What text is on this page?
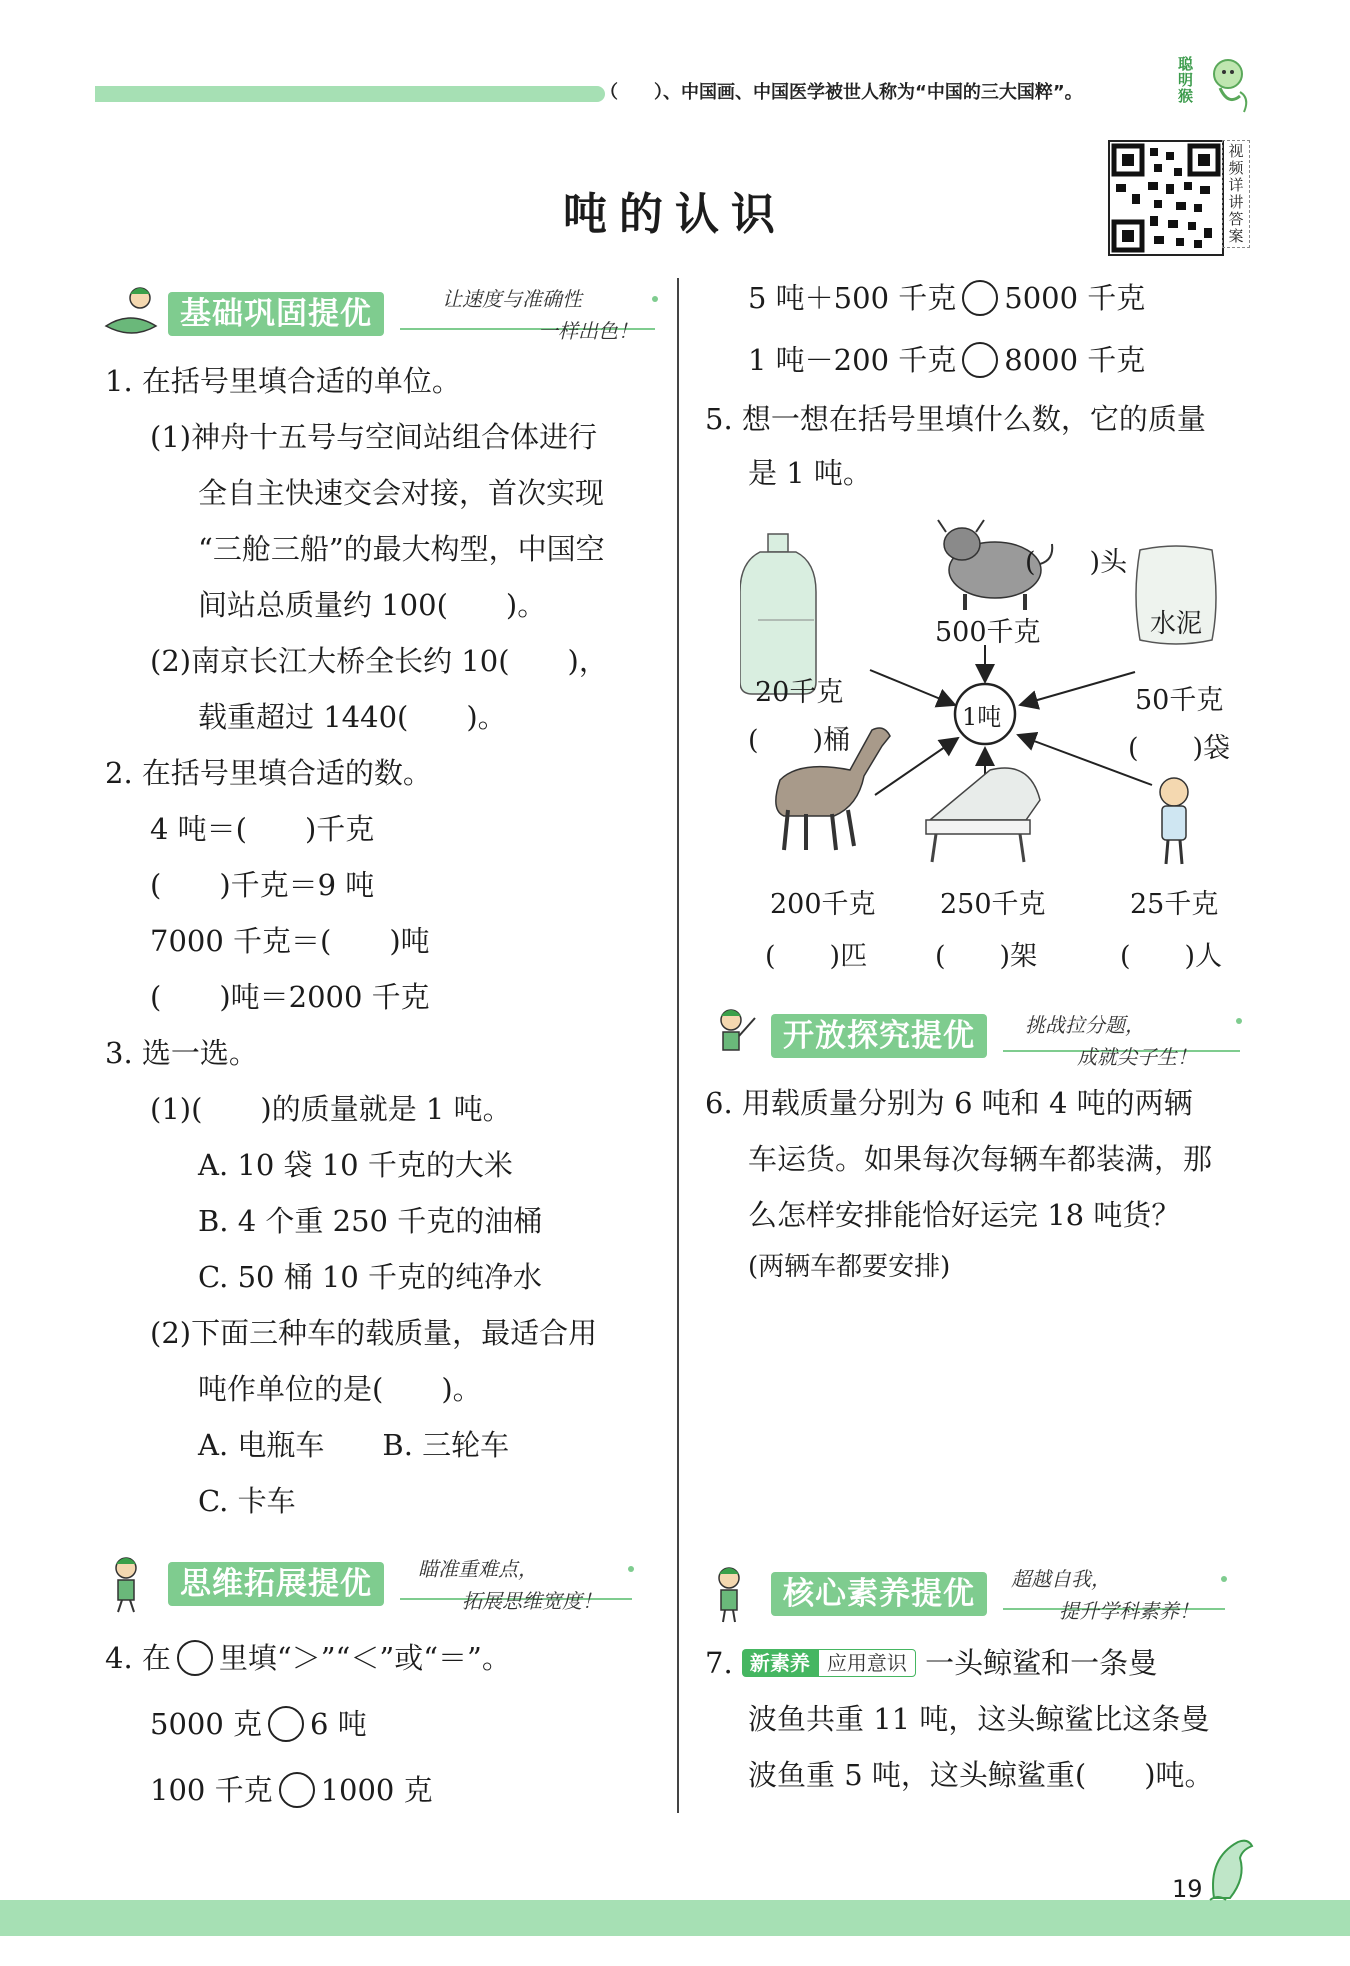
（　　）、中国画、中国医学被世人称为“中国的三大国粹”。
聪明猴
视频详讲答案
吨的认识
基础巩固提优	让速度与准确性
一样出色！
1. 在括号里填合适的单位。
(1)神舟十五号与空间站组合体进行
全自主快速交会对接，首次实现
“三舱三船”的最大构型，中国空
间站总质量约 100(　　)。
(2)南京长江大桥全长约 10(　　)，
载重超过 1440(　　)。
2. 在括号里填合适的数。
4 吨＝(　　)千克
(　　)千克＝9 吨
7000 千克＝(　　)吨
(　　)吨＝2000 千克
3. 选一选。
(1)(　　)的质量就是 1 吨。
A. 10 袋 10 千克的大米
B. 4 个重 250 千克的油桶
C. 50 桶 10 千克的纯净水
(2)下面三种车的载质量，最适合用
吨作单位的是(　　)。
A. 电瓶车　　B. 三轮车
C. 卡车
思维拓展提优	瞄准重难点，
拓展思维宽度！
4. 在 里填“＞”“＜”或“＝”。
5000 克 6 吨
100 千克 1000 克
5 吨＋500 千克 5000 千克
1 吨－200 千克 8000 千克
5. 想一想在括号里填什么数，它的质量
是 1 吨。
1吨
水泥
20千克
(　　)桶
500千克
(　　)头
50千克
(　　)袋
200千克
(　　)匹
250千克
(　　)架
25千克
(　　)人
开放探究提优	挑战拉分题，
成就尖子生！
6. 用载质量分别为 6 吨和 4 吨的两辆
车运货。如果每次每辆车都装满，那
么怎样安排能恰好运完 18 吨货？
(两辆车都要安排)
核心素养提优	超越自我，
提升学科素养！
7. 新素养 应用意识 一头鲸鲨和一条曼
波鱼共重 11 吨，这头鲸鲨比这条曼
波鱼重 5 吨，这头鲸鲨重(　　)吨。
19
